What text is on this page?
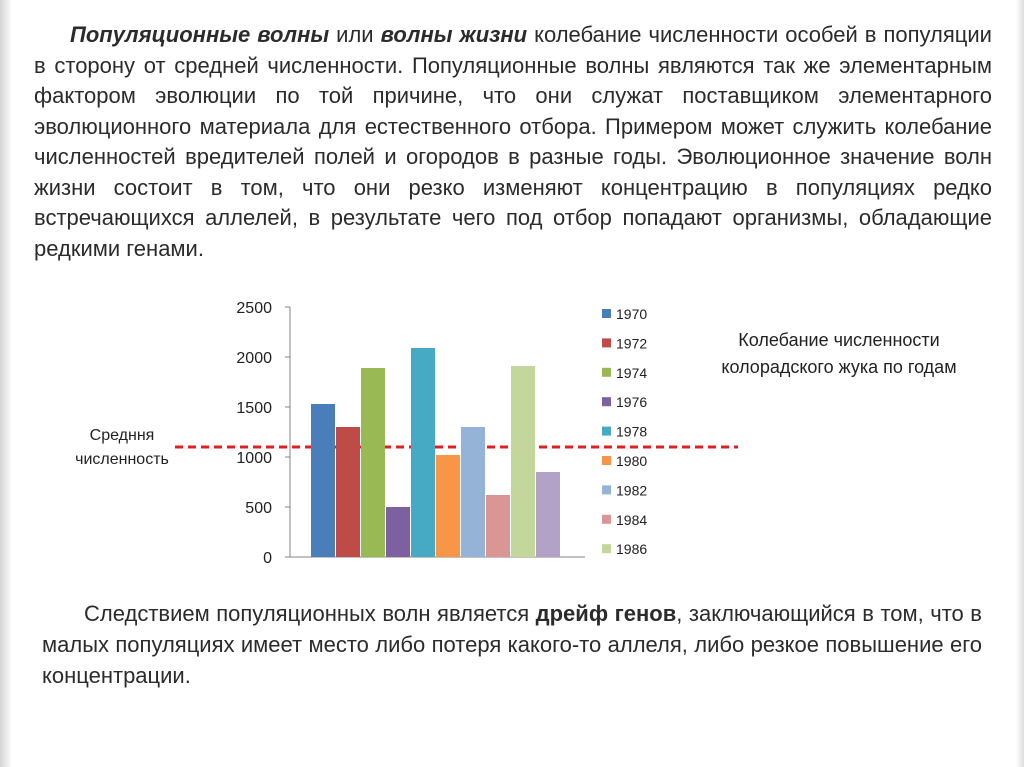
Популяционные волны или волны жизни колебание численности особей в популяции в сторону от средней численности. Популяционные волны являются так же элементарным фактором эволюции по той причине, что они служат поставщиком элементарного эволюционного материала для естественного отбора. Примером может служить колебание численностей вредителей полей и огородов в разные годы. Эволюционное значение волн жизни состоит в том, что они резко изменяют концентрацию в популяциях редко встречающихся аллелей, в результате чего под отбор попадают организмы, обладающие редкими генами.

0
500
1000
1500
2000
2500	1970
1972
1974
1976
1978
1980
1982
1984
1986
Средння численность
Колебание численности колорадского жука по годам

Следствием популяционных волн является дрейф генов, заключающийся в том, что в малых популяциях имеет место либо потеря какого-то аллеля, либо резкое повышение его концентрации.
